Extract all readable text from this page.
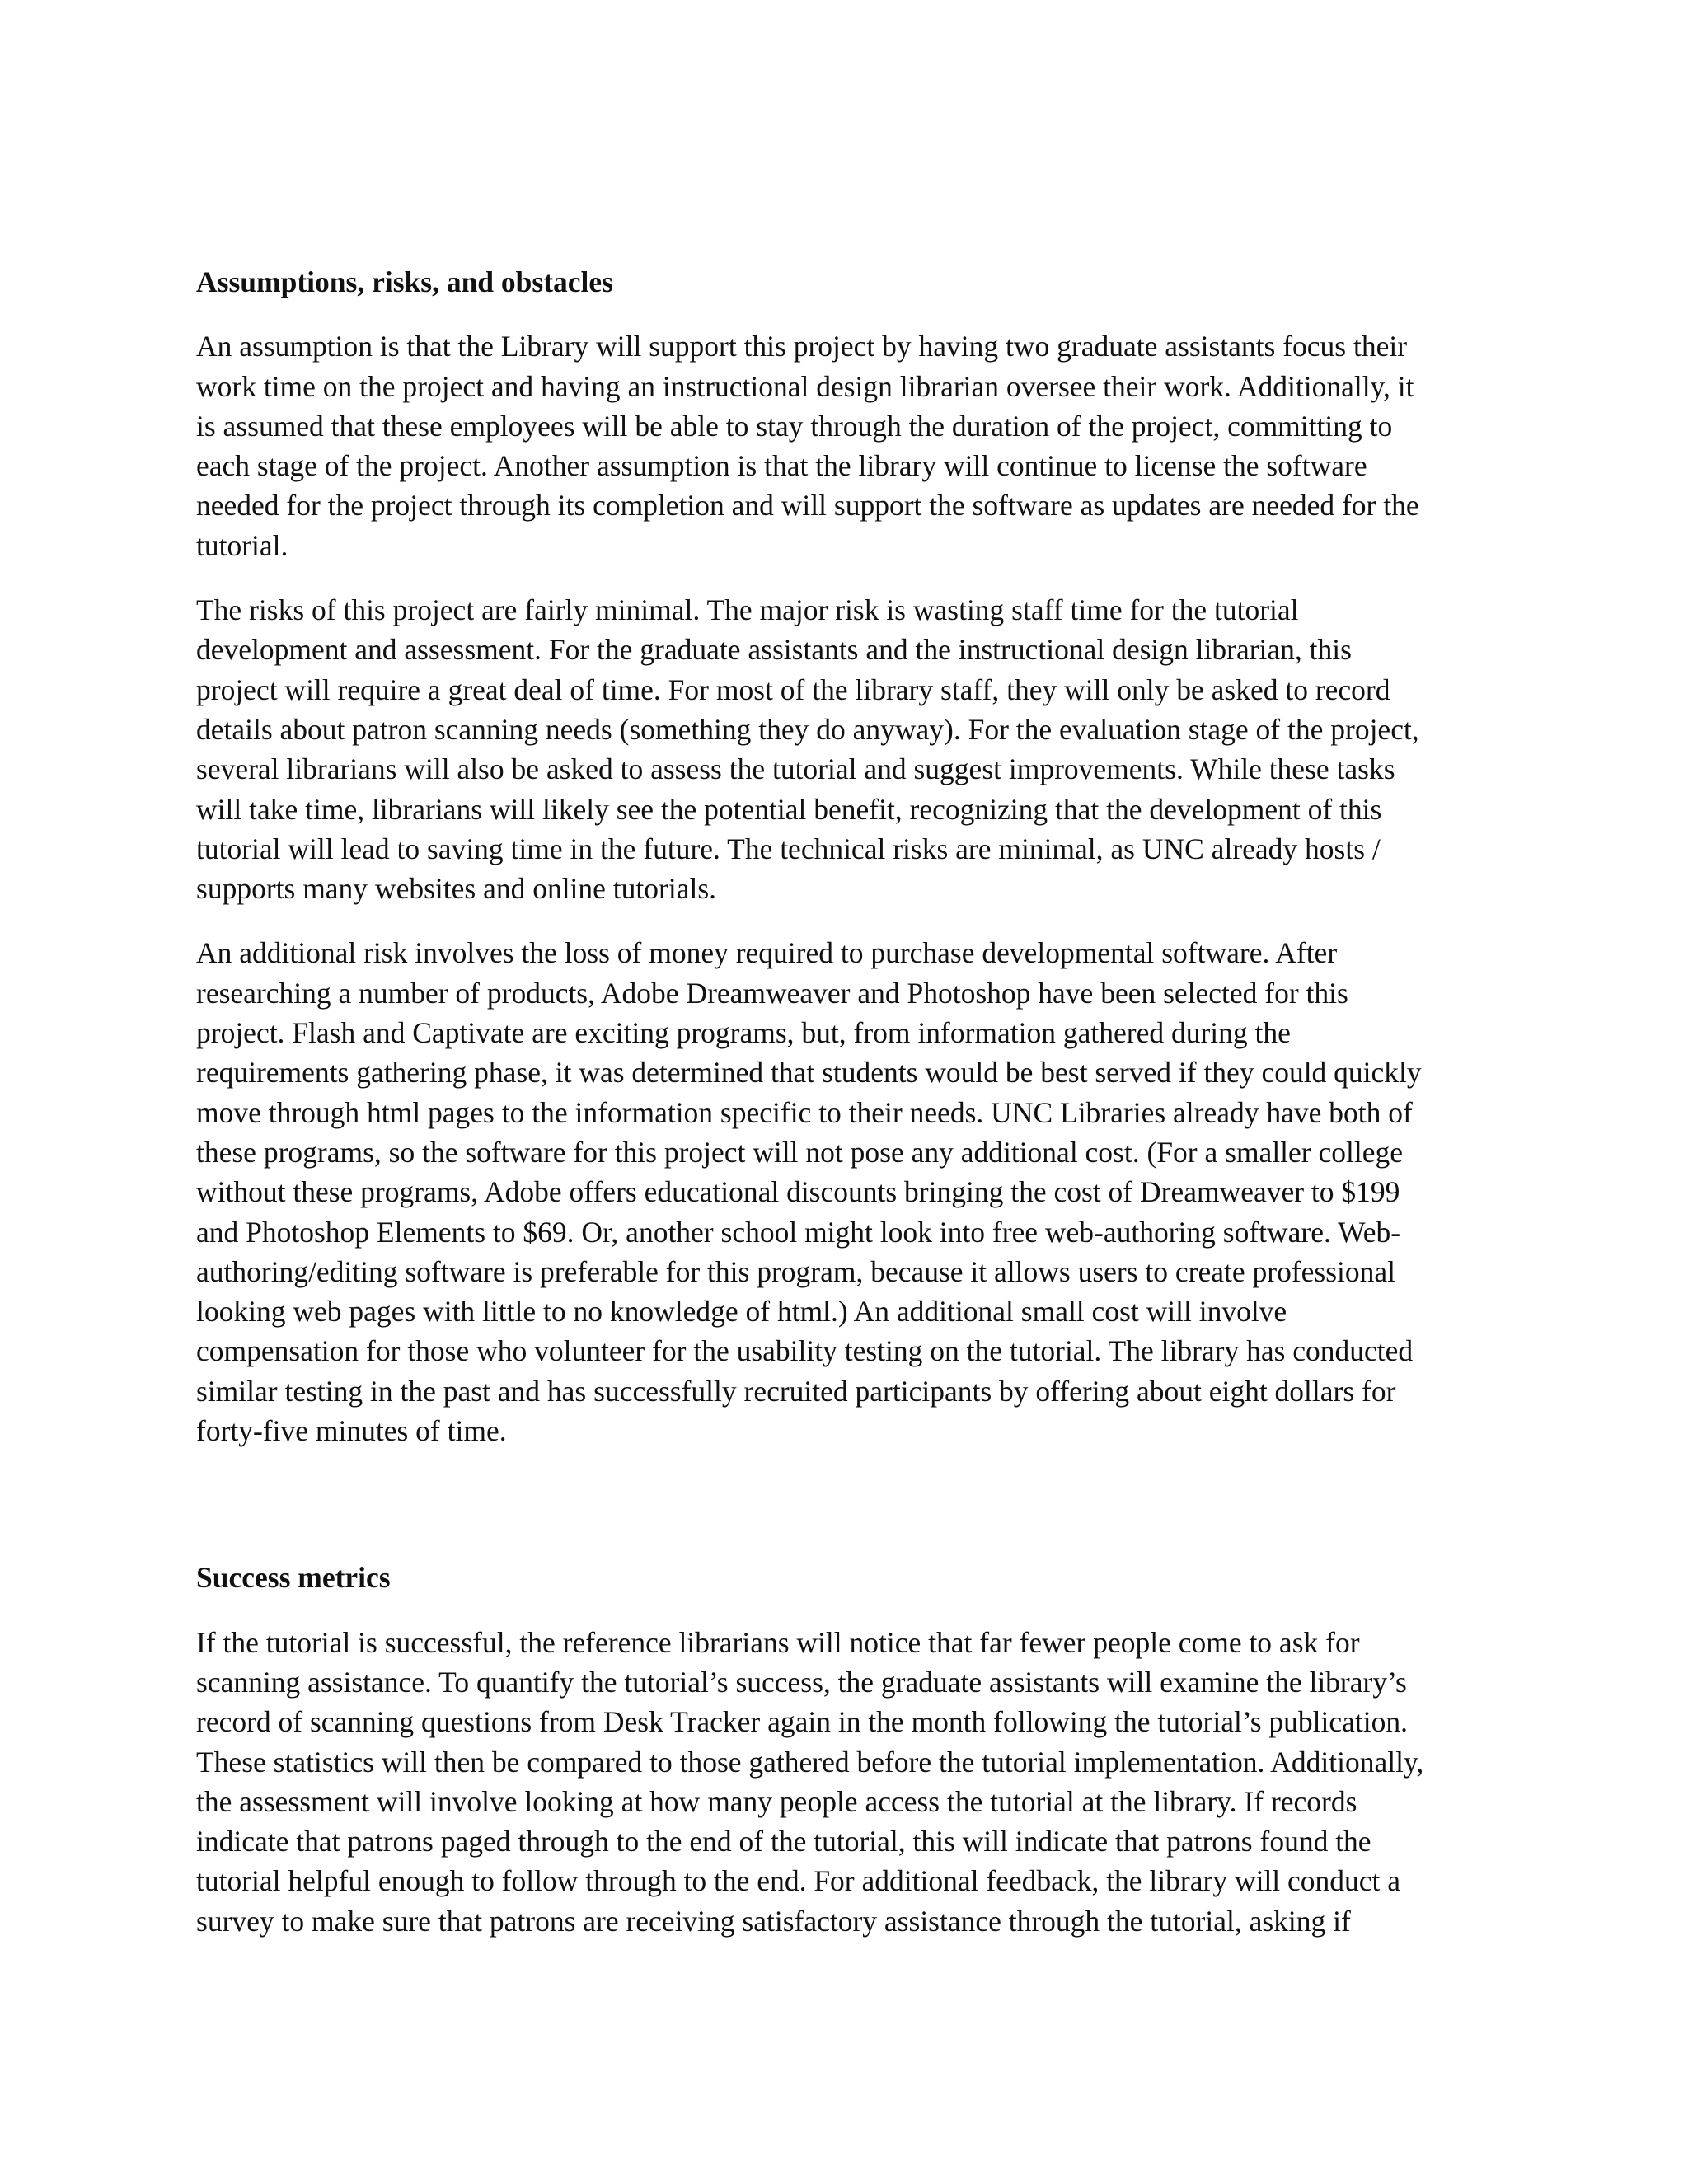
Assumptions, risks, and obstacles
An assumption is that the Library will support this project by having two graduate assistants focus their
work time on the project and having an instructional design librarian oversee their work. Additionally, it
is assumed that these employees will be able to stay through the duration of the project, committing to
each stage of the project. Another assumption is that the library will continue to license the software
needed for the project through its completion and will support the software as updates are needed for the
tutorial.
The risks of this project are fairly minimal. The major risk is wasting staff time for the tutorial
development and assessment. For the graduate assistants and the instructional design librarian, this
project will require a great deal of time. For most of the library staff, they will only be asked to record
details about patron scanning needs (something they do anyway). For the evaluation stage of the project,
several librarians will also be asked to assess the tutorial and suggest improvements. While these tasks
will take time, librarians will likely see the potential benefit, recognizing that the development of this
tutorial will lead to saving time in the future. The technical risks are minimal, as UNC already hosts /
supports many websites and online tutorials.
An additional risk involves the loss of money required to purchase developmental software. After
researching a number of products, Adobe Dreamweaver and Photoshop have been selected for this
project. Flash and Captivate are exciting programs, but, from information gathered during the
requirements gathering phase, it was determined that students would be best served if they could quickly
move through html pages to the information specific to their needs. UNC Libraries already have both of
these programs, so the software for this project will not pose any additional cost. (For a smaller college
without these programs, Adobe offers educational discounts bringing the cost of Dreamweaver to $199
and Photoshop Elements to $69. Or, another school might look into free web-authoring software. Web-
authoring/editing software is preferable for this program, because it allows users to create professional
looking web pages with little to no knowledge of html.) An additional small cost will involve
compensation for those who volunteer for the usability testing on the tutorial. The library has conducted
similar testing in the past and has successfully recruited participants by offering about eight dollars for
forty-five minutes of time.
Success metrics
If the tutorial is successful, the reference librarians will notice that far fewer people come to ask for
scanning assistance. To quantify the tutorial’s success, the graduate assistants will examine the library’s
record of scanning questions from Desk Tracker again in the month following the tutorial’s publication.
These statistics will then be compared to those gathered before the tutorial implementation. Additionally,
the assessment will involve looking at how many people access the tutorial at the library. If records
indicate that patrons paged through to the end of the tutorial, this will indicate that patrons found the
tutorial helpful enough to follow through to the end. For additional feedback, the library will conduct a
survey to make sure that patrons are receiving satisfactory assistance through the tutorial, asking if
